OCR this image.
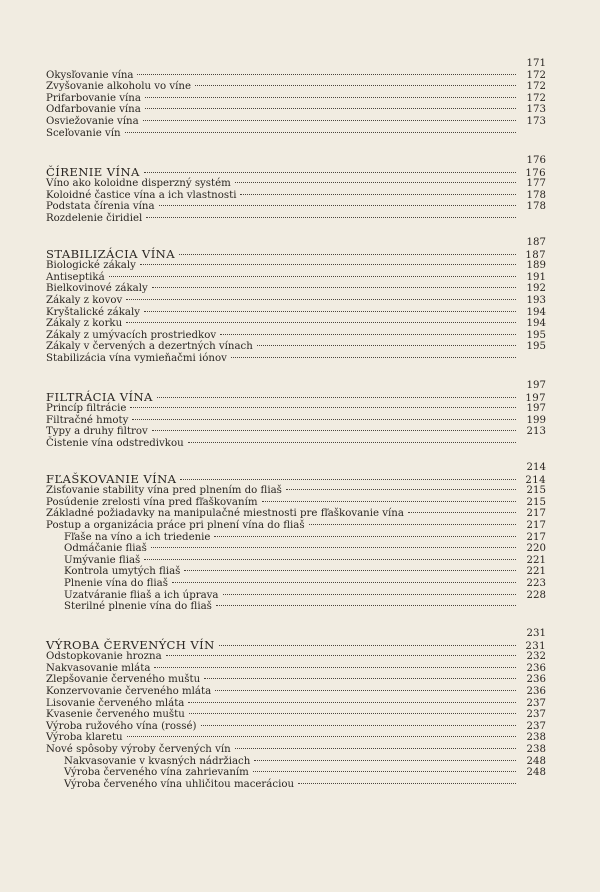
171
Okysľovanie vína	172
Zvyšovanie alkoholu vo víne	172
Prifarbovanie vína	172
Odfarbovanie vína	173
Osviežovanie vína	173
Sceľovanie vín
176
ČÍRENIE VÍNA	176
Víno ako koloidne disperzný systém	177
Koloidné častice vína a ich vlastnosti	178
Podstata čírenia vína	178
Rozdelenie čiridiel
187
STABILIZÁCIA VÍNA	187
Biologické zákaly	189
Antiseptiká	191
Bielkovinové zákaly	192
Zákaly z kovov	193
Kryštalické zákaly	194
Zákaly z korku	194
Zákaly z umývacích prostriedkov	195
Zákaly v červených a dezertných vínach	195
Stabilizácia vína vymieňačmi iónov
197
FILTRÁCIA VÍNA	197
Princíp filtrácie	197
Filtračné hmoty	199
Typy a druhy filtrov	213
Čistenie vína odstredivkou
214
FĽAŠKOVANIE VÍNA	214
Zisťovanie stability vína pred plnením do fliaš	215
Posúdenie zrelosti vína pred fľaškovaním	215
Základné požiadavky na manipulačné miestnosti pre fľaškovanie vína	217
Postup a organizácia práce pri plnení vína do fliaš	217
Fľaše na víno a ich triedenie	217
Odmáčanie fliaš	220
Umývanie fliaš	221
Kontrola umytých fliaš	221
Plnenie vína do fliaš	223
Uzatváranie fliaš a ich úprava	228
Sterilné plnenie vína do fliaš
231
VÝROBA ČERVENÝCH VÍN	231
Odstopkovanie hrozna	232
Nakvasovanie mláta	236
Zlepšovanie červeného muštu	236
Konzervovanie červeného mláta	236
Lisovanie červeného mláta	237
Kvasenie červeného muštu	237
Výroba ružového vína (rossé)	237
Výroba klaretu	238
Nové spôsoby výroby červených vín	238
Nakvasovanie v kvasných nádržiach	248
Výroba červeného vína zahrievaním	248
Výroba červeného vína uhličitou maceráciou
